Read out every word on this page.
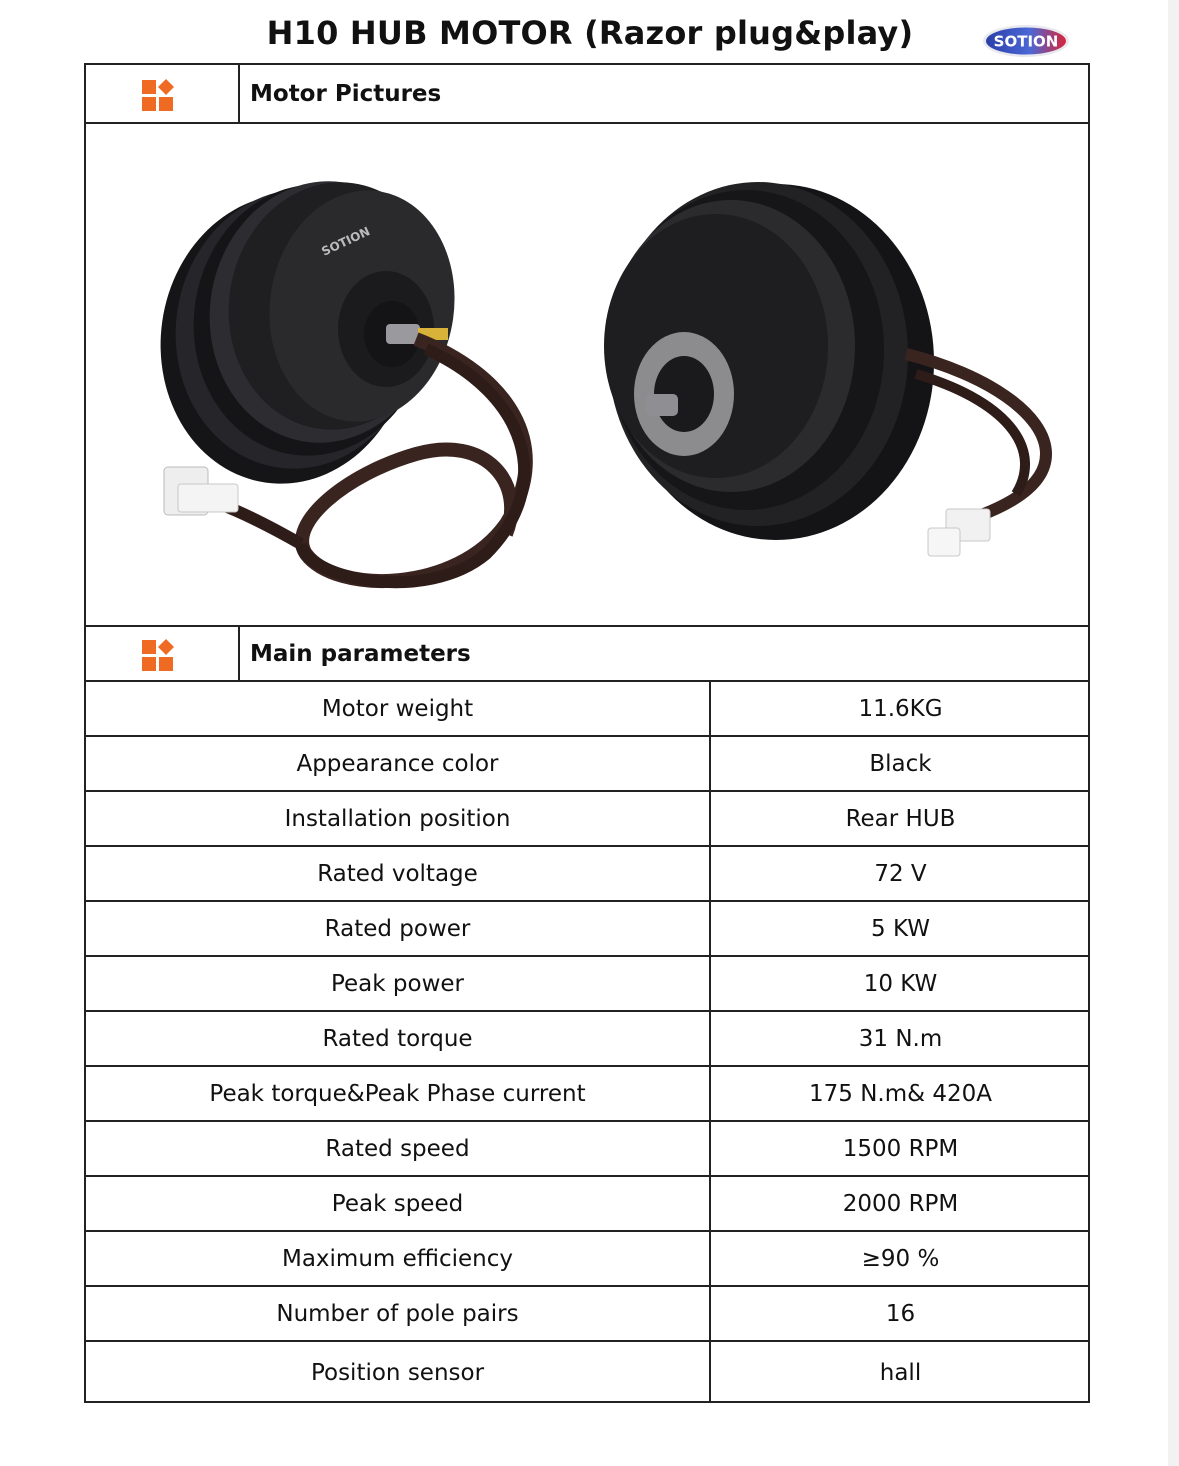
H10 HUB MOTOR (Razor plug&play)	SOTION
Motor Pictures
SOTION
Main parameters
Motor weight	11.6KG
Appearance color	Black
Installation position	Rear HUB
Rated voltage	72 V
Rated power	5 KW
Peak power	10 KW
Rated torque	31 N.m
Peak torque&Peak Phase current	175 N.m& 420A
Rated speed	1500 RPM
Peak speed	2000 RPM
Maximum efficiency	≥90 %
Number of pole pairs	16
Position sensor	hall
